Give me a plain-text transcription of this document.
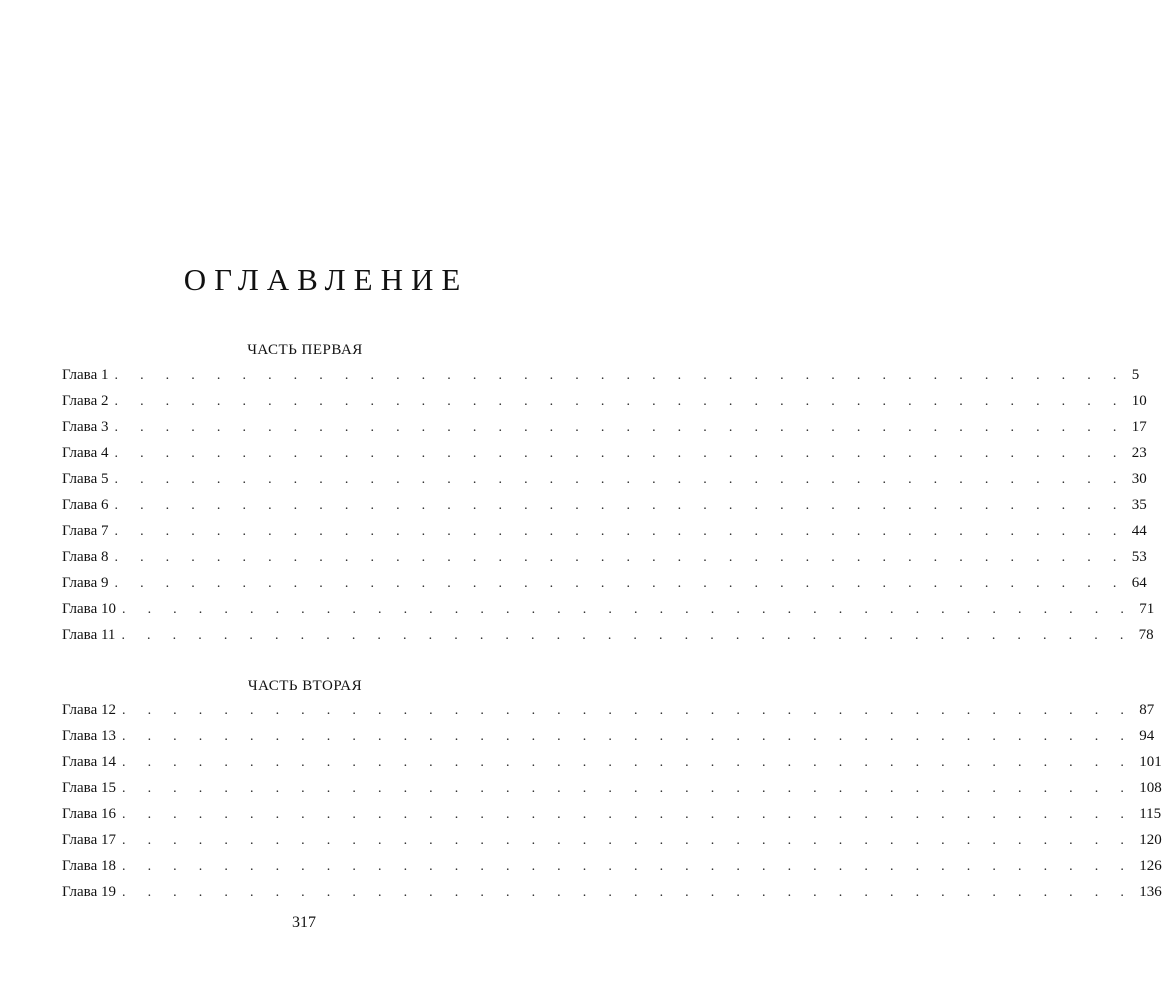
ОГЛАВЛЕНИЕ
ЧАСТЬ ПЕРВАЯ
Глава 1 . . . . . . . . . . . . . . . . . . . . . . . . . . . . . . . . . . . . . . . . 5
Глава 2 . . . . . . . . . . . . . . . . . . . . . . . . . . . . . . . . . . . . . . . . 10
Глава 3 . . . . . . . . . . . . . . . . . . . . . . . . . . . . . . . . . . . . . . . . 17
Глава 4 . . . . . . . . . . . . . . . . . . . . . . . . . . . . . . . . . . . . . . . . 23
Глава 5 . . . . . . . . . . . . . . . . . . . . . . . . . . . . . . . . . . . . . . . . 30
Глава 6 . . . . . . . . . . . . . . . . . . . . . . . . . . . . . . . . . . . . . . . . 35
Глава 7 . . . . . . . . . . . . . . . . . . . . . . . . . . . . . . . . . . . . . . . . 44
Глава 8 . . . . . . . . . . . . . . . . . . . . . . . . . . . . . . . . . . . . . . . . 53
Глава 9 . . . . . . . . . . . . . . . . . . . . . . . . . . . . . . . . . . . . . . . . 64
Глава 10 . . . . . . . . . . . . . . . . . . . . . . . . . . . . . . . . . . . . . . . . 71
Глава 11 . . . . . . . . . . . . . . . . . . . . . . . . . . . . . . . . . . . . . . . . 78
ЧАСТЬ ВТОРАЯ
Глава 12 . . . . . . . . . . . . . . . . . . . . . . . . . . . . . . . . . . . . . . . . 87
Глава 13 . . . . . . . . . . . . . . . . . . . . . . . . . . . . . . . . . . . . . . . . 94
Глава 14 . . . . . . . . . . . . . . . . . . . . . . . . . . . . . . . . . . . . . . . . 101
Глава 15 . . . . . . . . . . . . . . . . . . . . . . . . . . . . . . . . . . . . . . . . 108
Глава 16 . . . . . . . . . . . . . . . . . . . . . . . . . . . . . . . . . . . . . . . . 115
Глава 17 . . . . . . . . . . . . . . . . . . . . . . . . . . . . . . . . . . . . . . . . 120
Глава 18 . . . . . . . . . . . . . . . . . . . . . . . . . . . . . . . . . . . . . . . . 126
Глава 19 . . . . . . . . . . . . . . . . . . . . . . . . . . . . . . . . . . . . . . . . 136
317
